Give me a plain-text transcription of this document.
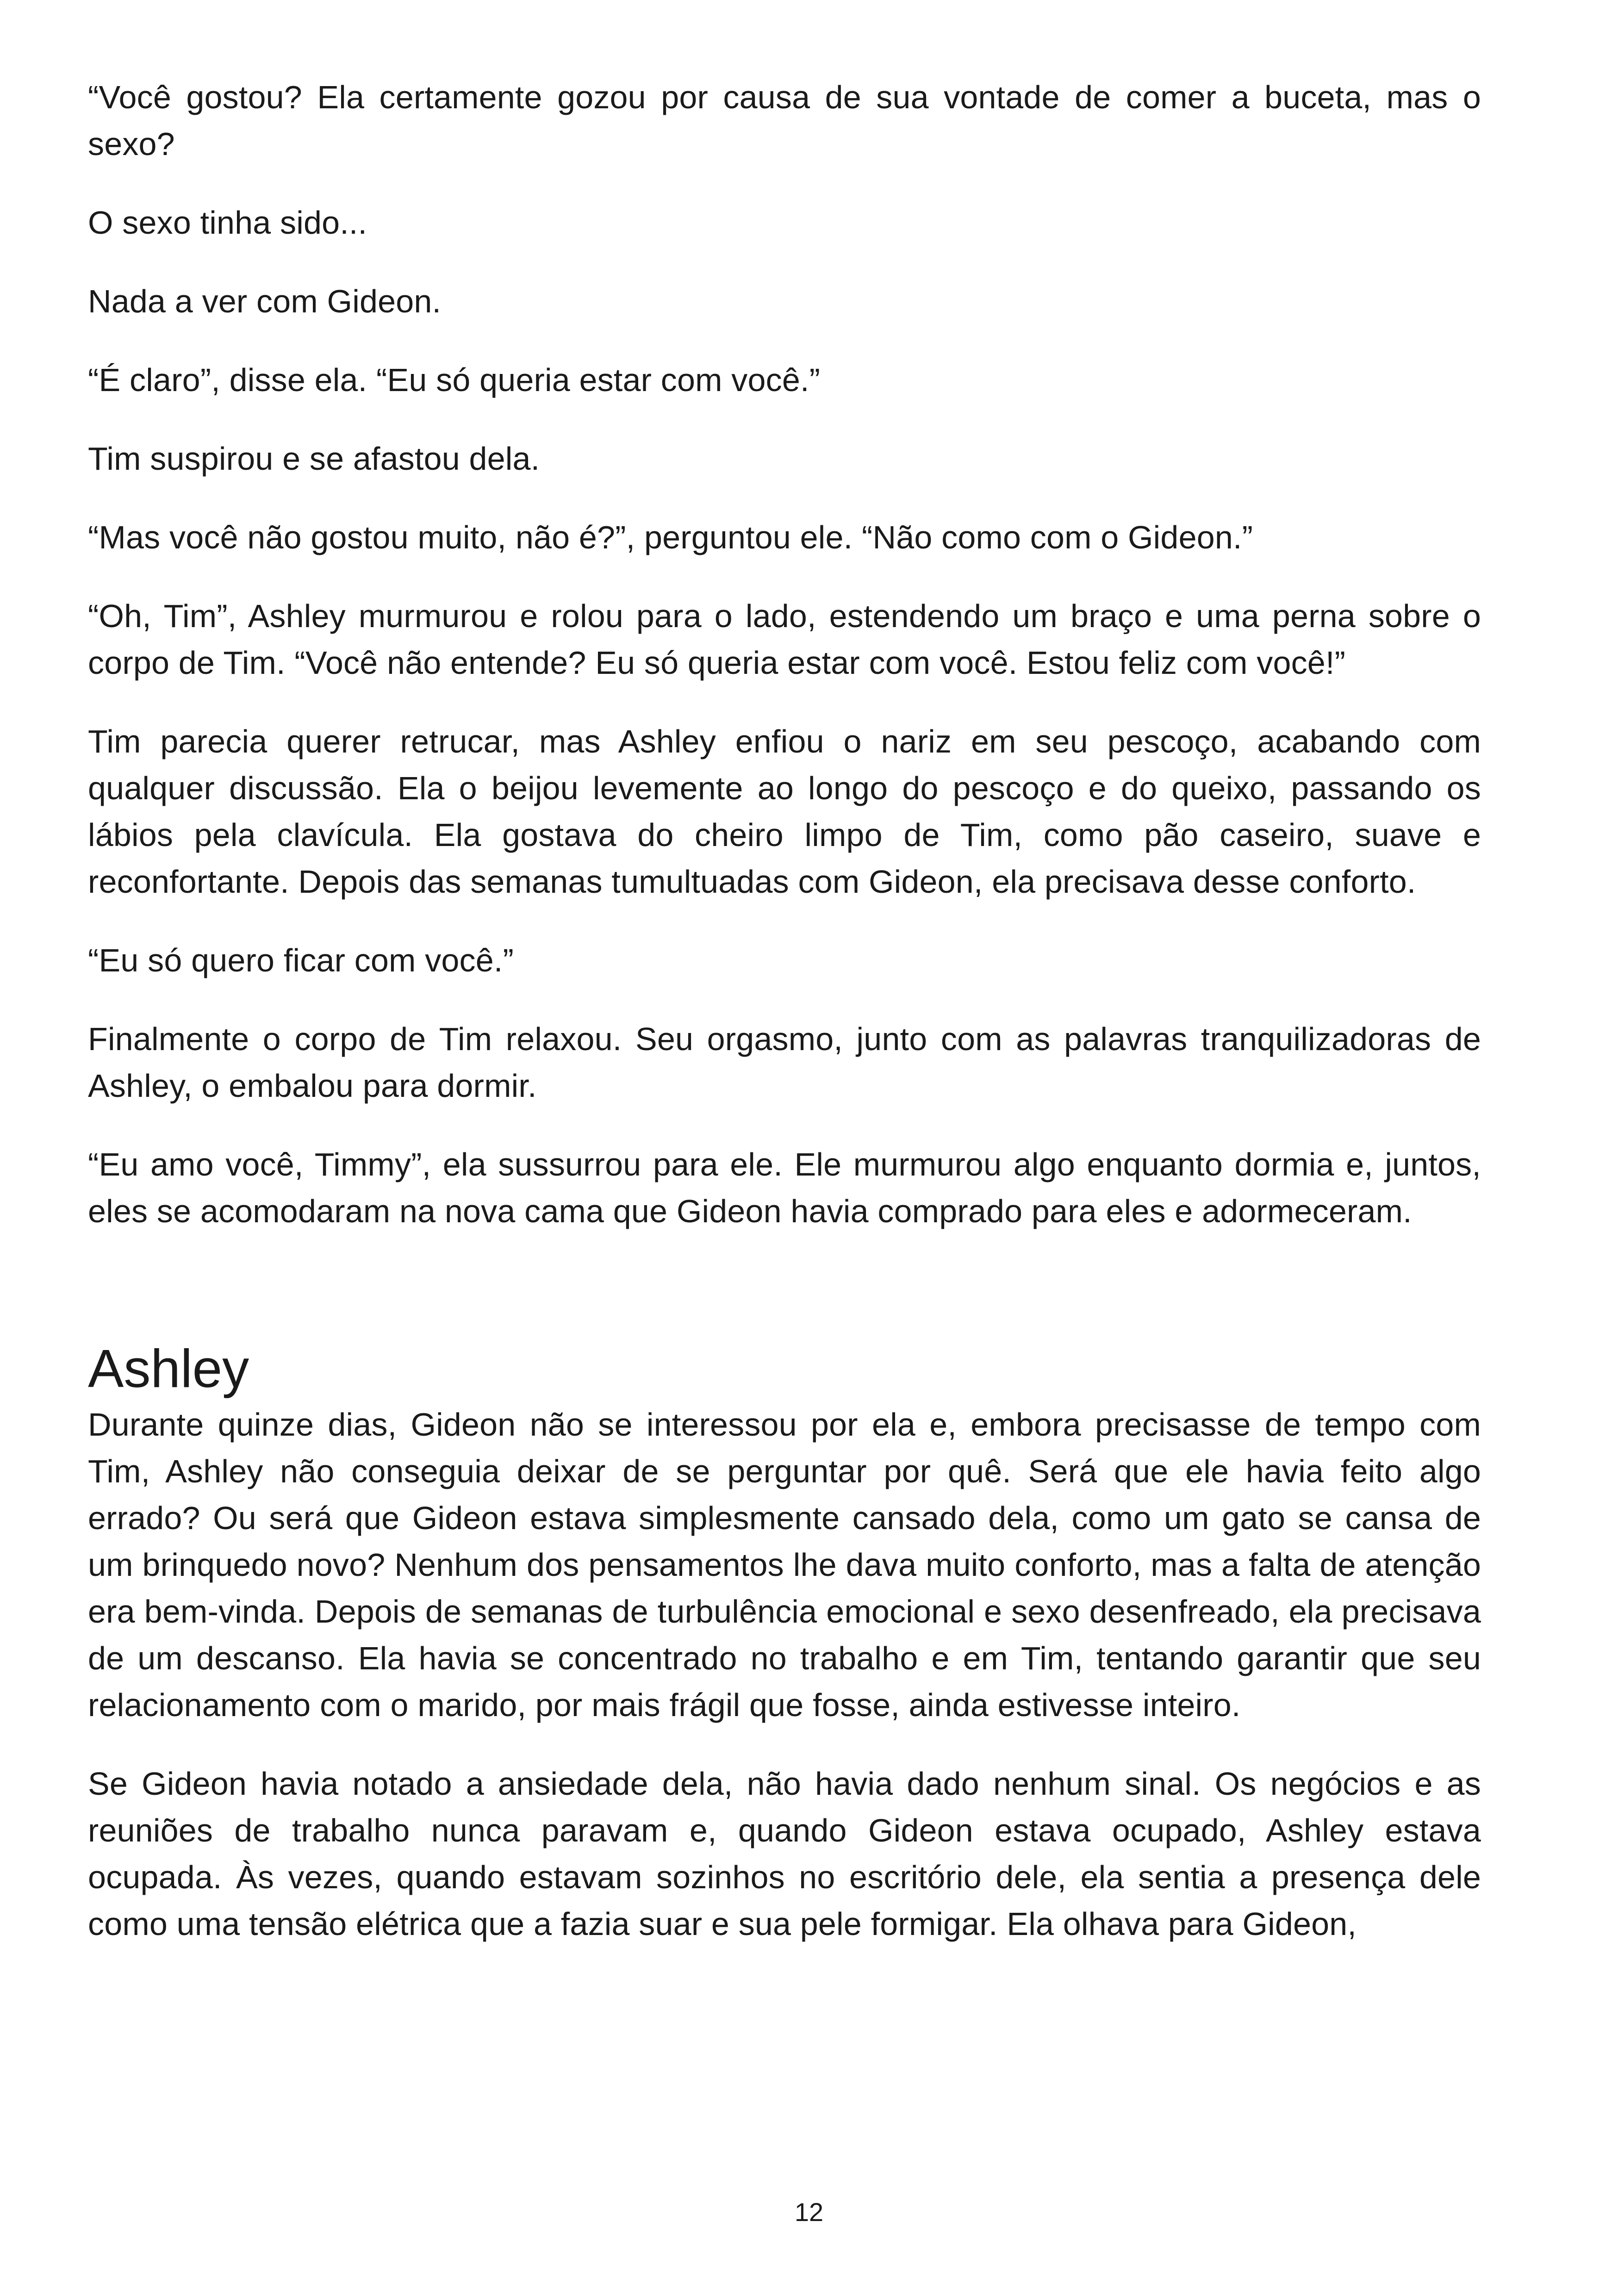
“Você gostou? Ela certamente gozou por causa de sua vontade de comer a buceta, mas o sexo?

O sexo tinha sido...

Nada a ver com Gideon.

“É claro”, disse ela. “Eu só queria estar com você.”

Tim suspirou e se afastou dela.

“Mas você não gostou muito, não é?”, perguntou ele. “Não como com o Gideon.”

“Oh, Tim”, Ashley murmurou e rolou para o lado, estendendo um braço e uma perna sobre o corpo de Tim. “Você não entende? Eu só queria estar com você. Estou feliz com você!”

Tim parecia querer retrucar, mas Ashley enfiou o nariz em seu pescoço, acabando com qualquer discussão. Ela o beijou levemente ao longo do pescoço e do queixo, passando os lábios pela clavícula. Ela gostava do cheiro limpo de Tim, como pão caseiro, suave e reconfortante. Depois das semanas tumultuadas com Gideon, ela precisava desse conforto.

“Eu só quero ficar com você.”

Finalmente o corpo de Tim relaxou. Seu orgasmo, junto com as palavras tranquilizadoras de Ashley, o embalou para dormir.

“Eu amo você, Timmy”, ela sussurrou para ele. Ele murmurou algo enquanto dormia e, juntos, eles se acomodaram na nova cama que Gideon havia comprado para eles e adormeceram.

Ashley

Durante quinze dias, Gideon não se interessou por ela e, embora precisasse de tempo com Tim, Ashley não conseguia deixar de se perguntar por quê. Será que ele havia feito algo errado? Ou será que Gideon estava simplesmente cansado dela, como um gato se cansa de um brinquedo novo? Nenhum dos pensamentos lhe dava muito conforto, mas a falta de atenção era bem-vinda. Depois de semanas de turbulência emocional e sexo desenfreado, ela precisava de um descanso. Ela havia se concentrado no trabalho e em Tim, tentando garantir que seu relacionamento com o marido, por mais frágil que fosse, ainda estivesse inteiro.

Se Gideon havia notado a ansiedade dela, não havia dado nenhum sinal. Os negócios e as reuniões de trabalho nunca paravam e, quando Gideon estava ocupado, Ashley estava ocupada. Às vezes, quando estavam sozinhos no escritório dele, ela sentia a presença dele como uma tensão elétrica que a fazia suar e sua pele formigar. Ela olhava para Gideon,

12
